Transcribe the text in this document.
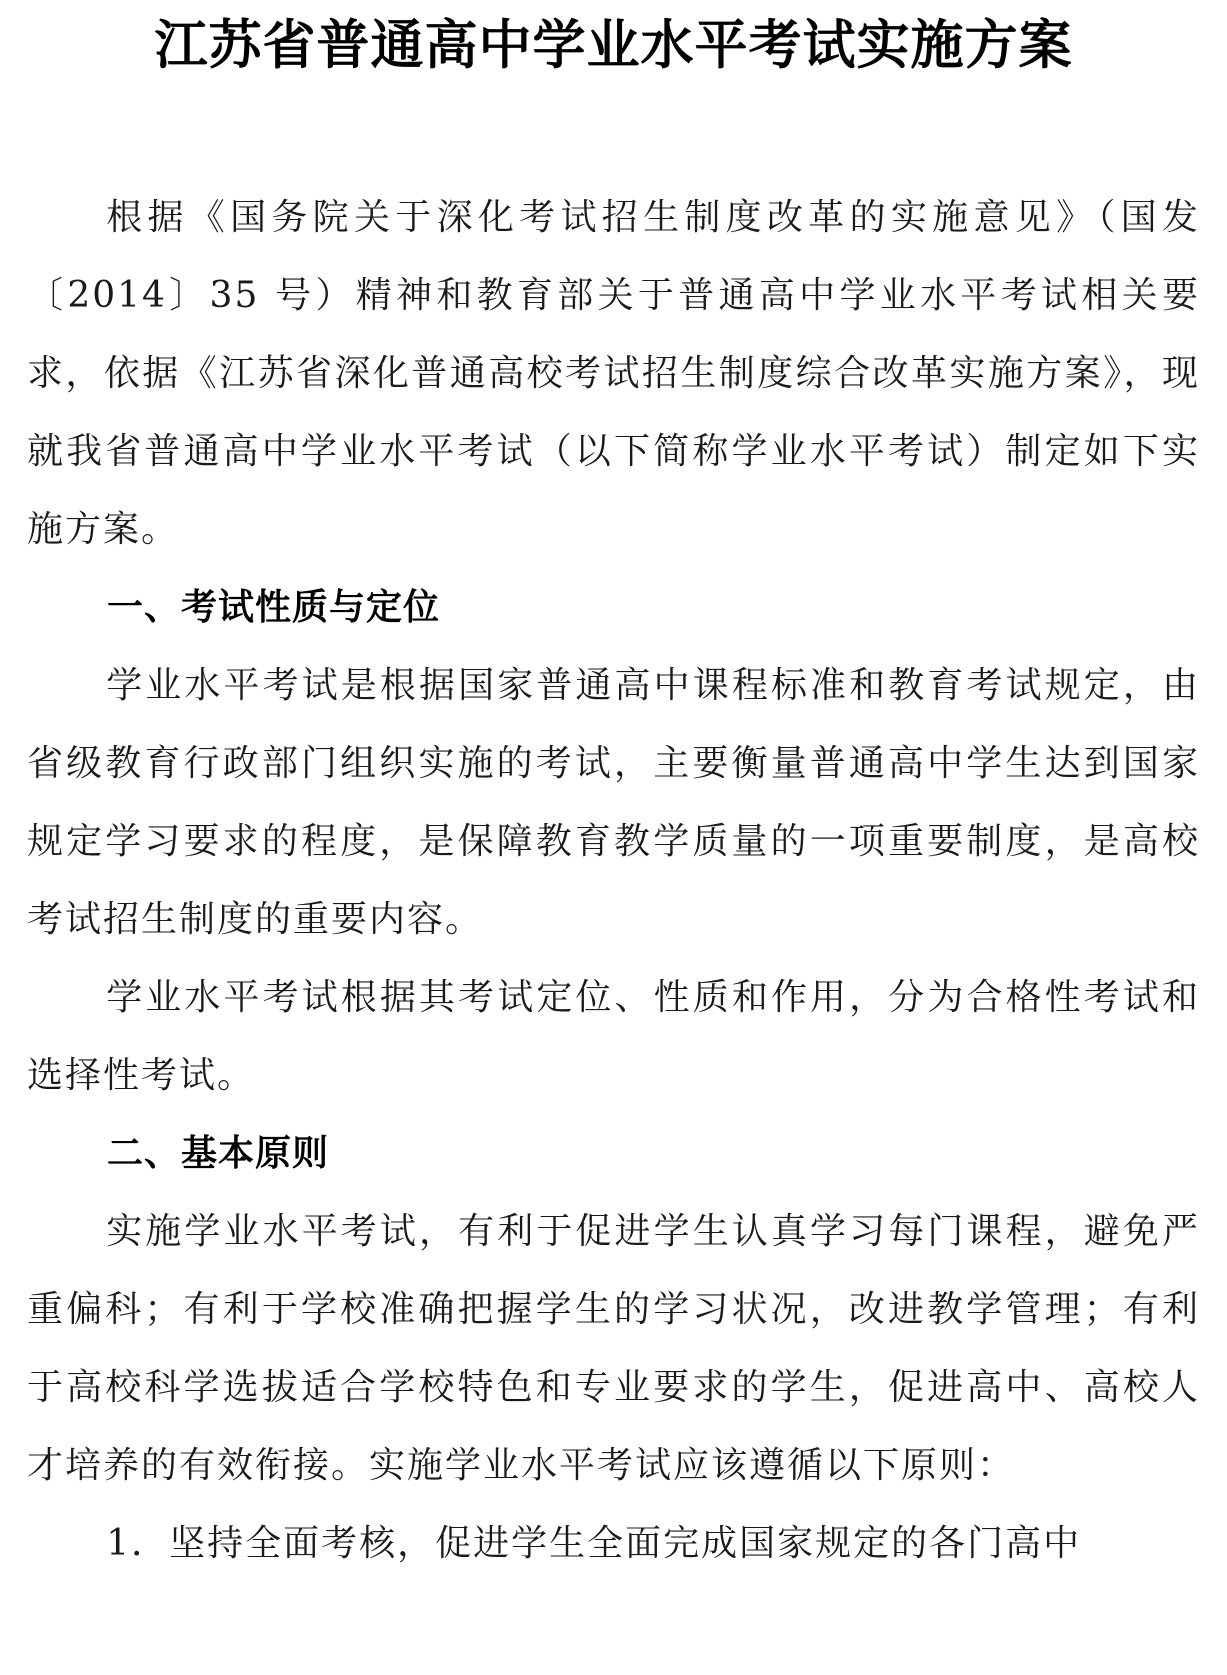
江苏省普通高中学业水平考试实施方案

根据《国务院关于深化考试招生制度改革的实施意见》（国发〔2014〕35 号）精神和教育部关于普通高中学业水平考试相关要求，依据《江苏省深化普通高校考试招生制度综合改革实施方案》，现就我省普通高中学业水平考试（以下简称学业水平考试）制定如下实施方案。

一、考试性质与定位

学业水平考试是根据国家普通高中课程标准和教育考试规定，由省级教育行政部门组织实施的考试，主要衡量普通高中学生达到国家规定学习要求的程度，是保障教育教学质量的一项重要制度，是高校考试招生制度的重要内容。

学业水平考试根据其考试定位、性质和作用，分为合格性考试和选择性考试。

二、基本原则

实施学业水平考试，有利于促进学生认真学习每门课程，避免严重偏科；有利于学校准确把握学生的学习状况，改进教学管理；有利于高校科学选拔适合学校特色和专业要求的学生，促进高中、高校人才培养的有效衔接。实施学业水平考试应该遵循以下原则：

1．坚持全面考核，促进学生全面完成国家规定的各门高中
